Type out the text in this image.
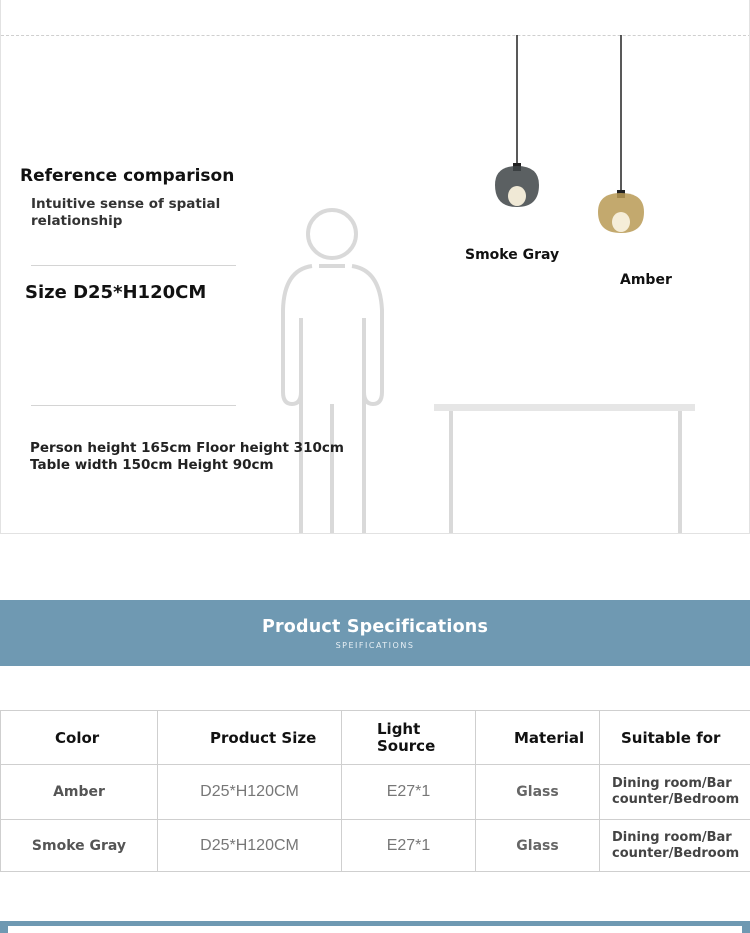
Reference comparison
Intuitive sense of spatial relationship
Size D25*H120CM
Person height 165cm Floor height 310cm
Table width 150cm Height 90cm
Smoke Gray
Amber
Product Specifications
SPEIFICATIONS
Color	Product Size	Light
Source	Material	Suitable for
Amber	D25*H120CM	E27*1	Glass	Dining room/Bar
counter/Bedroom

Smoke Gray	D25*H120CM	E27*1	Glass	Dining room/Bar
counter/Bedroom
